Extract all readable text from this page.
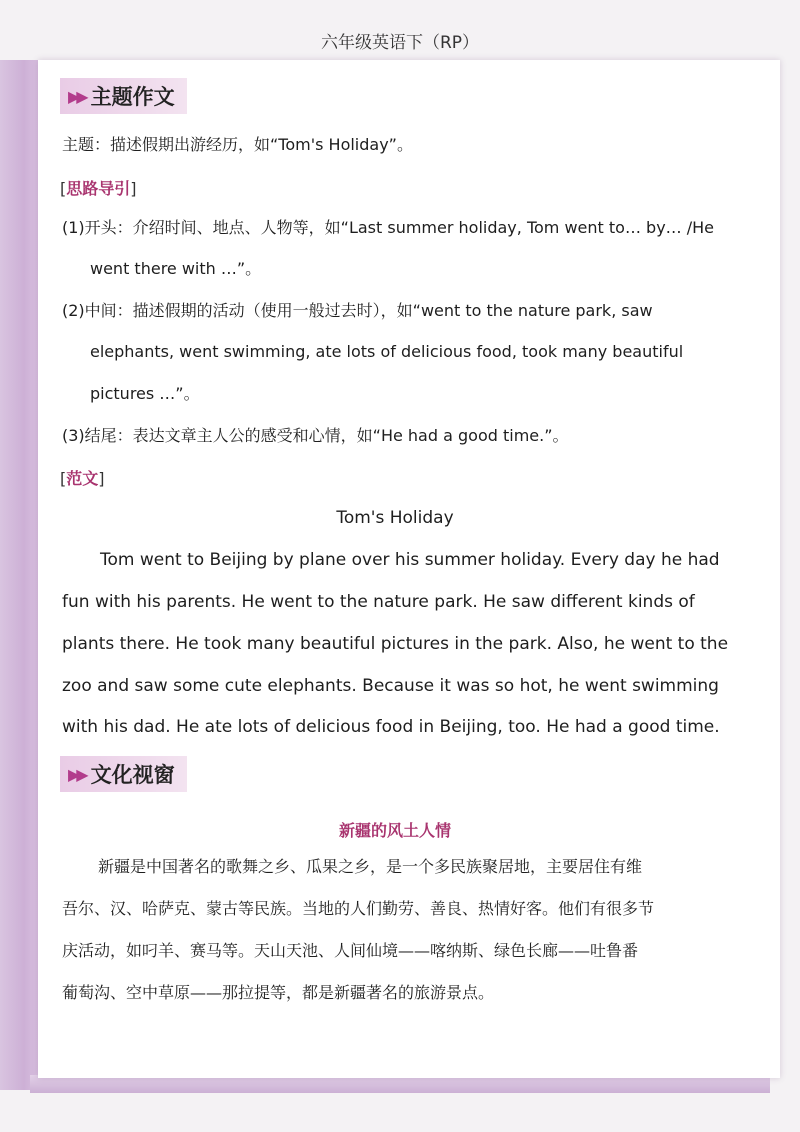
六年级英语下（RP）
▶▶ 主题作文
主题：描述假期出游经历，如“Tom's Holiday”。
[思路导引]
(1)开头：介绍时间、地点、人物等，如“Last summer holiday, Tom went to… by… /He
went there with …”。
(2)中间：描述假期的活动（使用一般过去时），如“went to the nature park, saw
elephants, went swimming, ate lots of delicious food, took many beautiful
pictures …”。
(3)结尾：表达文章主人公的感受和心情，如“He had a good time.”。
[范文]
Tom's Holiday
Tom went to Beijing by plane over his summer holiday. Every day he had
fun with his parents. He went to the nature park. He saw different kinds of
plants there. He took many beautiful pictures in the park. Also, he went to the
zoo and saw some cute elephants. Because it was so hot, he went swimming
with his dad. He ate lots of delicious food in Beijing, too. He had a good time.
▶▶ 文化视窗
新疆的风土人情
新疆是中国著名的歌舞之乡、瓜果之乡，是一个多民族聚居地，主要居住有维
吾尔、汉、哈萨克、蒙古等民族。当地的人们勤劳、善良、热情好客。他们有很多节
庆活动，如叼羊、赛马等。天山天池、人间仙境——喀纳斯、绿色长廊——吐鲁番
葡萄沟、空中草原——那拉提等，都是新疆著名的旅游景点。
